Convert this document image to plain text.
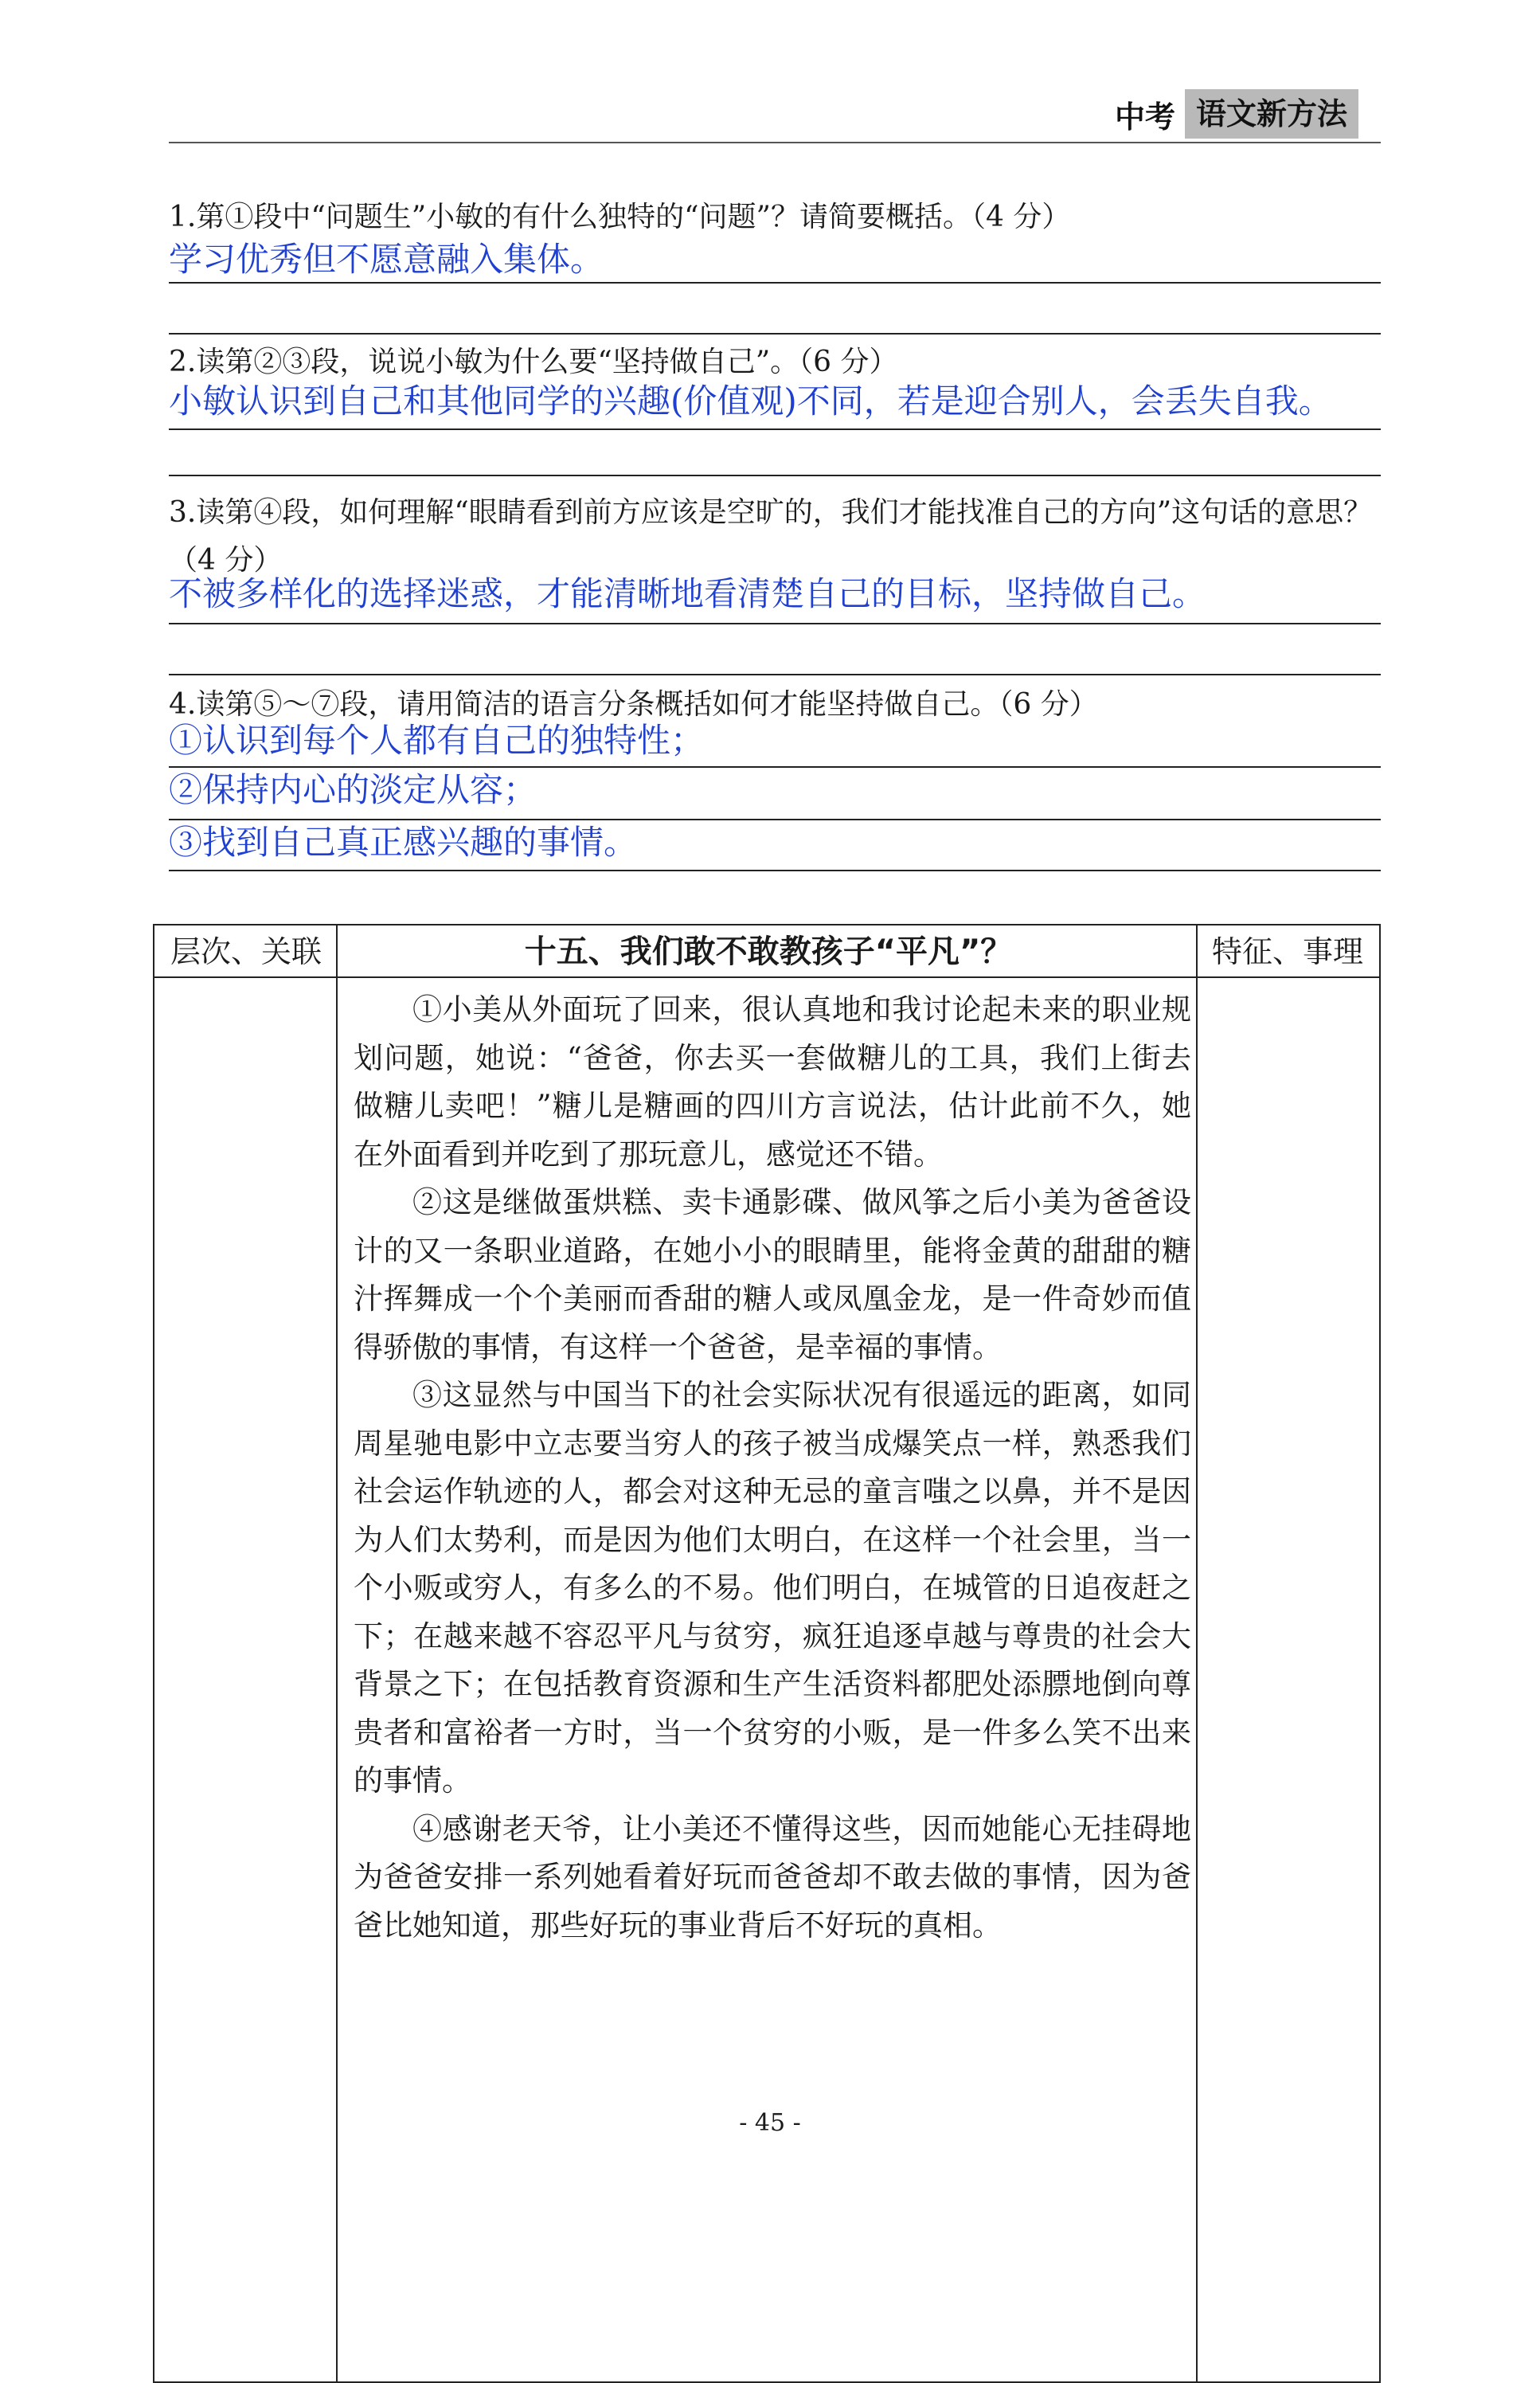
中考 语文新方法
1.第①段中“问题生”小敏的有什么独特的“问题”？请简要概括。（4 分）
学习优秀但不愿意融入集体。
2.读第②③段，说说小敏为什么要“坚持做自己”。（6 分）
小敏认识到自己和其他同学的兴趣(价值观)不同，若是迎合别人，会丢失自我。
3.读第④段，如何理解“眼睛看到前方应该是空旷的，我们才能找准自己的方向”这句话的意思？（4 分）
不被多样化的选择迷惑，才能清晰地看清楚自己的目标，坚持做自己。
4.读第⑤～⑦段，请用简洁的语言分条概括如何才能坚持做自己。（6 分）
①认识到每个人都有自己的独特性；
②保持内心的淡定从容；
③找到自己真正感兴趣的事情。
层次、关联	特征、事理
十五、我们敢不敢教孩子“平凡”？

①小美从外面玩了回来，很认真地和我讨论起未来的职业规划问题，她说：“爸爸，你去买一套做糖儿的工具，我们上街去做糖儿卖吧！”糖儿是糖画的四川方言说法，估计此前不久，她在外面看到并吃到了那玩意儿，感觉还不错。

②这是继做蛋烘糕、卖卡通影碟、做风筝之后小美为爸爸设计的又一条职业道路，在她小小的眼睛里，能将金黄的甜甜的糖汁挥舞成一个个美丽而香甜的糖人或凤凰金龙，是一件奇妙而值得骄傲的事情，有这样一个爸爸，是幸福的事情。

③这显然与中国当下的社会实际状况有很遥远的距离，如同周星驰电影中立志要当穷人的孩子被当成爆笑点一样，熟悉我们社会运作轨迹的人，都会对这种无忌的童言嗤之以鼻，并不是因为人们太势利，而是因为他们太明白，在这样一个社会里，当一个小贩或穷人，有多么的不易。他们明白，在城管的日追夜赶之下；在越来越不容忍平凡与贫穷，疯狂追逐卓越与尊贵的社会大背景之下；在包括教育资源和生产生活资料都肥处添膘地倒向尊贵者和富裕者一方时，当一个贫穷的小贩，是一件多么笑不出来的事情。

④感谢老天爷，让小美还不懂得这些，因而她能心无挂碍地为爸爸安排一系列她看着好玩而爸爸却不敢去做的事情，因为爸爸比她知道，那些好玩的事业背后不好玩的真相。

- 45 -
